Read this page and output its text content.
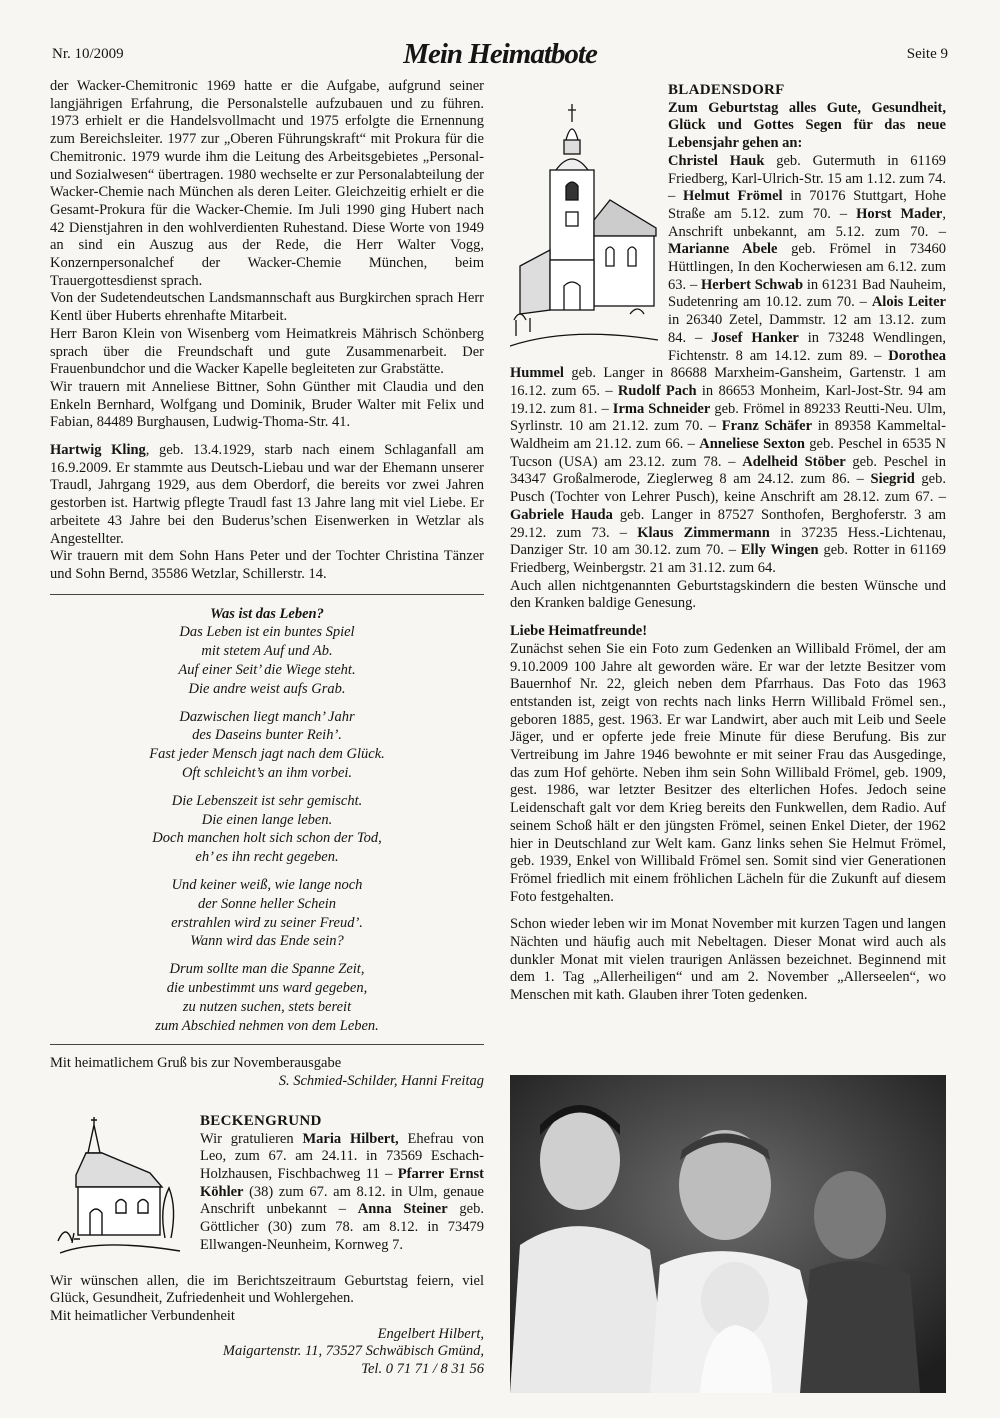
Nr. 10/2009	Mein Heimatbote	Seite 9

der Wacker-Chemitronic 1969 hatte er die Aufgabe, aufgrund seiner langjährigen Erfahrung, die Personalstelle aufzubauen und zu führen. 1973 erhielt er die Handelsvollmacht und 1975 erfolgte die Ernennung zum Bereichsleiter. 1977 zur „Oberen Führungskraft“ mit Prokura für die Chemitronic. 1979 wurde ihm die Leitung des Arbeitsgebietes „Personal- und Sozialwesen“ übertragen. 1980 wechselte er zur Personalabteilung der Wacker-Chemie nach München als deren Leiter. Gleichzeitig erhielt er die Gesamt-Prokura für die Wacker-Chemie. Im Juli 1990 ging Hubert nach 42 Dienstjahren in den wohlverdienten Ruhestand. Diese Worte von 1949 an sind ein Auszug aus der Rede, die Herr Walter Vogg, Konzernpersonalchef der Wacker-Chemie München, beim Trauergottesdienst sprach.

Von der Sudetendeutschen Landsmannschaft aus Burgkirchen sprach Herr Kentl über Huberts ehrenhafte Mitarbeit.

Herr Baron Klein von Wisenberg vom Heimatkreis Mährisch Schönberg sprach über die Freundschaft und gute Zusammenarbeit. Der Frauenbundchor und die Wacker Kapelle begleiteten zur Grabstätte.

Wir trauern mit Anneliese Bittner, Sohn Günther mit Claudia und den Enkeln Bernhard, Wolfgang und Dominik, Bruder Walter mit Felix und Fabian, 84489 Burghausen, Ludwig-Thoma-Str. 41.

Hartwig Kling, geb. 13.4.1929, starb nach einem Schlaganfall am 16.9.2009. Er stammte aus Deutsch-Liebau und war der Ehemann unserer Traudl, Jahrgang 1929, aus dem Oberdorf, die bereits vor zwei Jahren gestorben ist. Hartwig pflegte Traudl fast 13 Jahre lang mit viel Liebe. Er arbeitete 43 Jahre bei den Buderus’schen Eisenwerken in Wetzlar als Angestellter.

Wir trauern mit dem Sohn Hans Peter und der Tochter Christina Tänzer und Sohn Bernd, 35586 Wetzlar, Schillerstr. 14.

Was ist das Leben?
Das Leben ist ein buntes Spiel
mit stetem Auf und Ab.
Auf einer Seit’ die Wiege steht.
Die andre weist aufs Grab.
Dazwischen liegt manch’ Jahr
des Daseins bunter Reih’.
Fast jeder Mensch jagt nach dem Glück.
Oft schleicht’s an ihm vorbei.
Die Lebenszeit ist sehr gemischt.
Die einen lange leben.
Doch manchen holt sich schon der Tod,
eh’ es ihn recht gegeben.
Und keiner weiß, wie lange noch
der Sonne heller Schein
erstrahlen wird zu seiner Freud’.
Wann wird das Ende sein?
Drum sollte man die Spanne Zeit,
die unbestimmt uns ward gegeben,
zu nutzen suchen, stets bereit
zum Abschied nehmen von dem Leben.

Mit heimatlichem Gruß bis zur Novemberausgabe

S. Schmied-Schilder, Hanni Freitag

BECKENGRUND

Wir gratulieren Maria Hilbert, Ehefrau von Leo, zum 67. am 24.11. in 73569 Eschach-Holzhausen, Fischbachweg 11 – Pfarrer Ernst Köhler (38) zum 67. am 8.12. in Ulm, genaue Anschrift unbekannt – Anna Steiner geb. Göttlicher (30) zum 78. am 8.12. in 73479 Ellwangen-Neunheim, Kornweg 7.

Wir wünschen allen, die im Berichtszeitraum Geburtstag feiern, viel Glück, Gesundheit, Zufriedenheit und Wohlergehen.

Mit heimatlicher Verbundenheit

Engelbert Hilbert,

Maigartenstr. 11, 73527 Schwäbisch Gmünd,

Tel. 0 71 71 / 8 31 56

BLADENSDORF

Zum Geburtstag alles Gute, Gesundheit, Glück und Gottes Segen für das neue Lebensjahr gehen an:

Christel Hauk geb. Gutermuth in 61169 Friedberg, Karl-Ulrich-Str. 15 am 1.12. zum 74. – Helmut Frömel in 70176 Stuttgart, Hohe Straße am 5.12. zum 70. – Horst Mader, Anschrift unbekannt, am 5.12. zum 70. – Marianne Abele geb. Frömel in 73460 Hüttlingen, In den Kocherwiesen am 6.12. zum 63. – Herbert Schwab in 61231 Bad Nauheim, Sudetenring am 10.12. zum 70. – Alois Leiter in 26340 Zetel, Dammstr. 12 am 13.12. zum 84. – Josef Hanker in 73248 Wendlingen, Fichtenstr. 8 am 14.12. zum 89. – Dorothea Hummel geb. Langer in 86688 Marxheim-Gansheim, Gartenstr. 1 am 16.12. zum 65. – Rudolf Pach in 86653 Monheim, Karl-Jost-Str. 94 am 19.12. zum 81. – Irma Schneider geb. Frömel in 89233 Reutti-Neu. Ulm, Syrlinstr. 10 am 21.12. zum 70. – Franz Schäfer in 89358 Kammeltal-Waldheim am 21.12. zum 66. – Anneliese Sexton geb. Peschel in 6535 N Tucson (USA) am 23.12. zum 78. – Adelheid Stöber geb. Peschel in 34347 Großalmerode, Zieglerweg 8 am 24.12. zum 86. – Siegrid geb. Pusch (Tochter von Lehrer Pusch), keine Anschrift am 28.12. zum 67. – Gabriele Hauda geb. Langer in 87527 Sonthofen, Berghoferstr. 3 am 29.12. zum 73. – Klaus Zimmermann in 37235 Hess.-Lichtenau, Danziger Str. 10 am 30.12. zum 70. – Elly Wingen geb. Rotter in 61169 Friedberg, Weinbergstr. 21 am 31.12. zum 64.

Auch allen nichtgenannten Geburtstagskindern die besten Wünsche und den Kranken baldige Genesung.

Liebe Heimatfreunde!

Zunächst sehen Sie ein Foto zum Gedenken an Willibald Frömel, der am 9.10.2009 100 Jahre alt geworden wäre. Er war der letzte Besitzer vom Bauernhof Nr. 22, gleich neben dem Pfarrhaus. Das Foto das 1963 entstanden ist, zeigt von rechts nach links Herrn Willibald Frömel sen., geboren 1885, gest. 1963. Er war Landwirt, aber auch mit Leib und Seele Jäger, und er opferte jede freie Minute für diese Berufung. Bis zur Vertreibung im Jahre 1946 bewohnte er mit seiner Frau das Ausgedinge, das zum Hof gehörte. Neben ihm sein Sohn Willibald Frömel, geb. 1909, gest. 1986, war letzter Besitzer des elterlichen Hofes. Jedoch seine Leidenschaft galt vor dem Krieg bereits den Funkwellen, dem Radio. Auf seinem Schoß hält er den jüngsten Frömel, seinen Enkel Dieter, der 1962 hier in Deutschland zur Welt kam. Ganz links sehen Sie Helmut Frömel, geb. 1939, Enkel von Willibald Frömel sen. Somit sind vier Generationen Frömel friedlich mit einem fröhlichen Lächeln für die Zukunft auf diesem Foto festgehalten.

Schon wieder leben wir im Monat November mit kurzen Tagen und langen Nächten und häufig auch mit Nebeltagen. Dieser Monat wird auch als dunkler Monat mit vielen traurigen Anlässen bezeichnet. Beginnend mit dem 1. Tag „Allerheiligen“ und am 2. November „Allerseelen“, wo Menschen mit kath. Glauben ihrer Toten gedenken.
